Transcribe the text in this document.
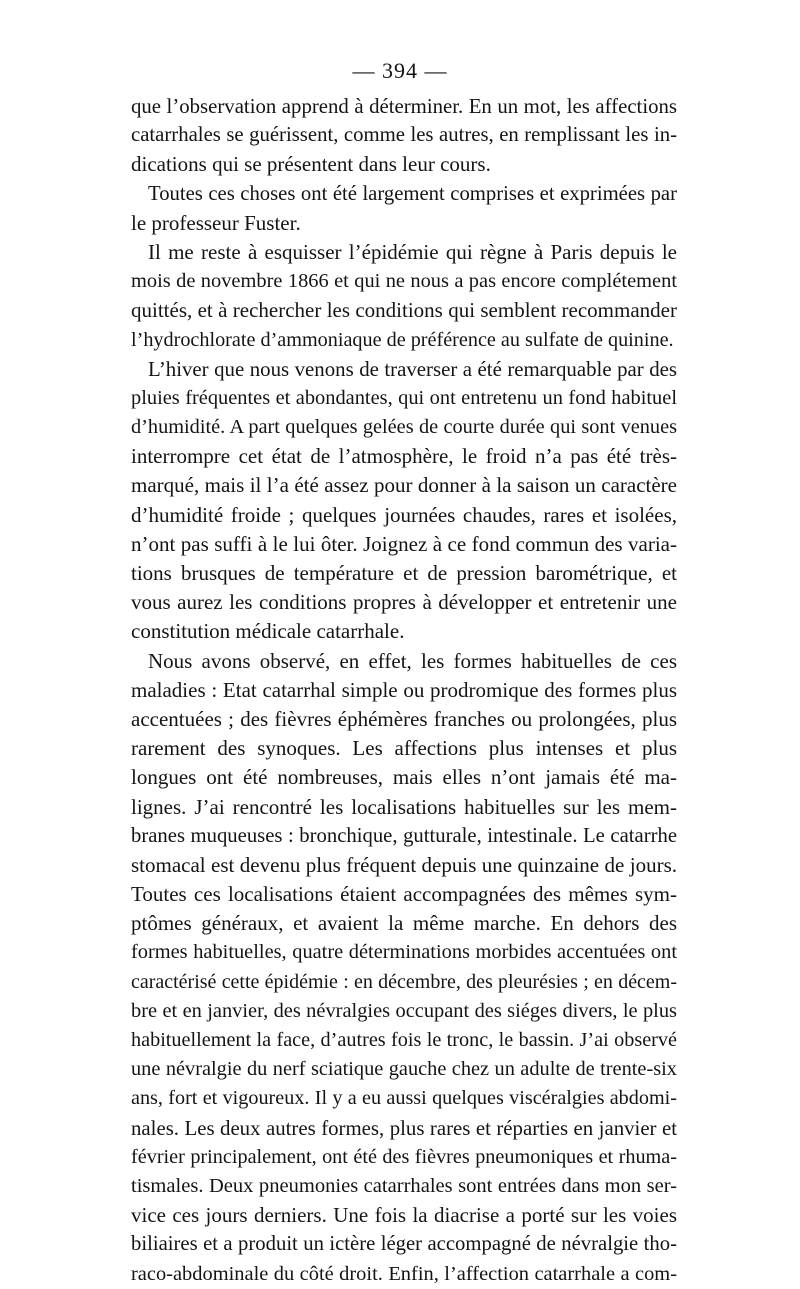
— 394 —
que l’observation apprend à déterminer. En un mot, les affections
catarrhales se guérissent, comme les autres, en remplissant les in-
dications qui se présentent dans leur cours.
Toutes ces choses ont été largement comprises et exprimées par
le professeur Fuster.
Il me reste à esquisser l’épidémie qui règne à Paris depuis le
mois de novembre 1866 et qui ne nous a pas encore complétement
quittés, et à rechercher les conditions qui semblent recommander
l’hydrochlorate d’ammoniaque de préférence au sulfate de quinine.
L’hiver que nous venons de traverser a été remarquable par des
pluies fréquentes et abondantes, qui ont entretenu un fond habituel
d’humidité. A part quelques gelées de courte durée qui sont venues
interrompre cet état de l’atmosphère, le froid n’a pas été très-
marqué, mais il l’a été assez pour donner à la saison un caractère
d’humidité froide ; quelques journées chaudes, rares et isolées,
n’ont pas suffi à le lui ôter. Joignez à ce fond commun des varia-
tions brusques de température et de pression barométrique, et
vous aurez les conditions propres à développer et entretenir une
constitution médicale catarrhale.
Nous avons observé, en effet, les formes habituelles de ces
maladies : Etat catarrhal simple ou prodromique des formes plus
accentuées ; des fièvres éphémères franches ou prolongées, plus
rarement des synoques. Les affections plus intenses et plus
longues ont été nombreuses, mais elles n’ont jamais été ma-
lignes. J’ai rencontré les localisations habituelles sur les mem-
branes muqueuses : bronchique, gutturale, intestinale. Le catarrhe
stomacal est devenu plus fréquent depuis une quinzaine de jours.
Toutes ces localisations étaient accompagnées des mêmes sym-
ptômes généraux, et avaient la même marche. En dehors des
formes habituelles, quatre déterminations morbides accentuées ont
caractérisé cette épidémie : en décembre, des pleurésies ; en décem-
bre et en janvier, des névralgies occupant des siéges divers, le plus
habituellement la face, d’autres fois le tronc, le bassin. J’ai observé
une névralgie du nerf sciatique gauche chez un adulte de trente-six
ans, fort et vigoureux. Il y a eu aussi quelques viscéralgies abdomi-
nales. Les deux autres formes, plus rares et réparties en janvier et
février principalement, ont été des fièvres pneumoniques et rhuma-
tismales. Deux pneumonies catarrhales sont entrées dans mon ser-
vice ces jours derniers. Une fois la diacrise a porté sur les voies
biliaires et a produit un ictère léger accompagné de névralgie tho-
raco-abdominale du côté droit. Enfin, l’affection catarrhale a com-
